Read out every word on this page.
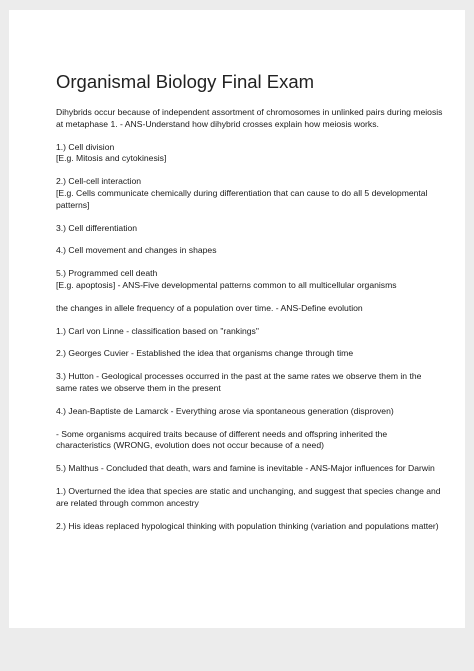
Organismal Biology Final Exam

Dihybrids occur because of independent assortment of chromosomes in unlinked pairs during meiosis at metaphase 1. - ANS-Understand how dihybrid crosses explain how meiosis works.

1.) Cell division
[E.g. Mitosis and cytokinesis]

2.) Cell-cell interaction
[E.g. Cells communicate chemically during differentiation that can cause to do all 5 developmental patterns]

3.) Cell differentiation

4.) Cell movement and changes in shapes

5.) Programmed cell death
[E.g. apoptosis] - ANS-Five developmental patterns common to all multicellular organisms

the changes in allele frequency of a population over time. - ANS-Define evolution

1.) Carl von Linne - classification based on "rankings"

2.) Georges Cuvier - Established the idea that organisms change through time

3.) Hutton - Geological processes occurred in the past at the same rates we observe them in the same rates we observe them in the present

4.) Jean-Baptiste de Lamarck - Everything arose via spontaneous generation (disproven)

- Some organisms acquired traits because of different needs and offspring inherited the characteristics (WRONG, evolution does not occur because of a need)

5.) Malthus - Concluded that death, wars and famine is inevitable - ANS-Major influences for Darwin

1.) Overturned the idea that species are static and unchanging, and suggest that species change and are related through common ancestry

2.) His ideas replaced hypological thinking with population thinking (variation and populations matter)
